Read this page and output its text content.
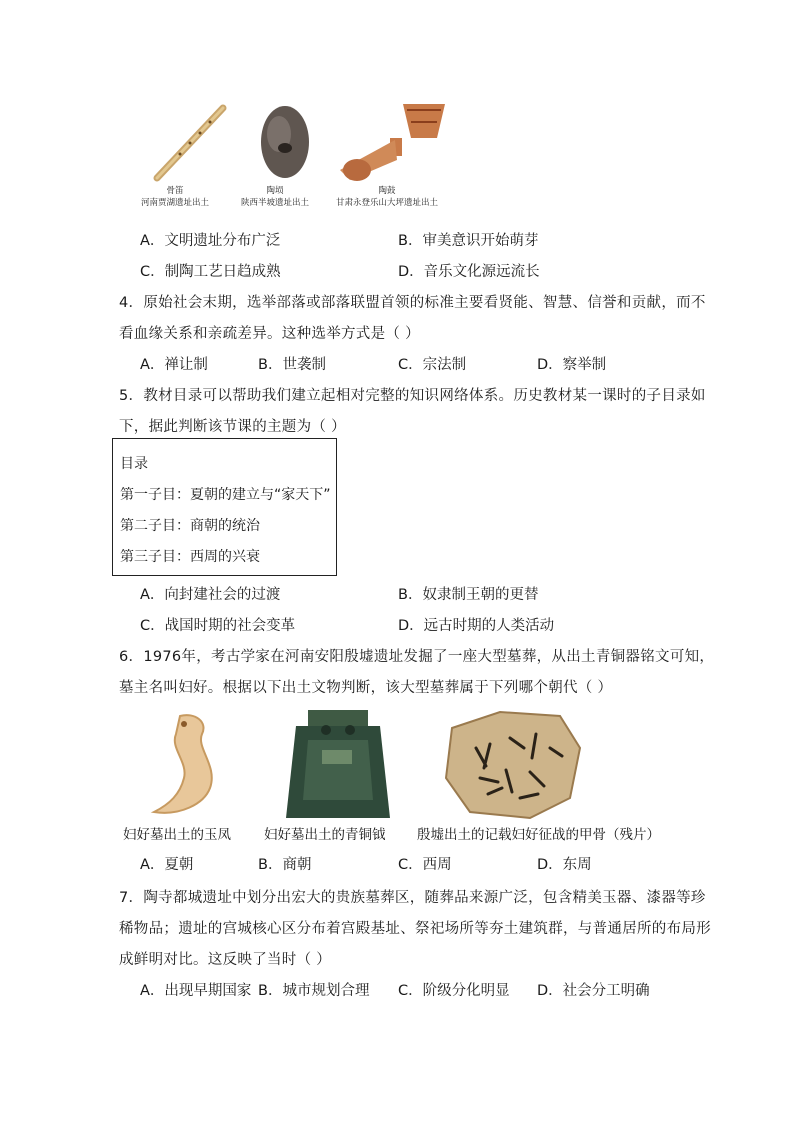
骨笛
河南贾湖遗址出土
陶埙
陕西半坡遗址出土
陶鼓
甘肃永登乐山大坪遗址出土
A．文明遗址分布广泛	B．审美意识开始萌芽
C．制陶工艺日趋成熟	D．音乐文化源远流长
4．原始社会末期，选举部落或部落联盟首领的标准主要看贤能、智慧、信誉和贡献，而不
看血缘关系和亲疏差异。这种选举方式是（ ）
A．禅让制	B．世袭制	C．宗法制	D．察举制
5．教材目录可以帮助我们建立起相对完整的知识网络体系。历史教材某一课时的子目录如
下，据此判断该节课的主题为（ ）
目录
第一子目：夏朝的建立与“家天下”
第二子目：商朝的统治
第三子目：西周的兴衰
A．向封建社会的过渡	B．奴隶制王朝的更替
C．战国时期的社会变革	D．远古时期的人类活动
6．1976年，考古学家在河南安阳殷墟遗址发掘了一座大型墓葬，从出土青铜器铭文可知，
墓主名叫妇好。根据以下出土文物判断，该大型墓葬属于下列哪个朝代（ ）
妇好墓出土的玉凤 妇好墓出土的青铜钺 殷墟出土的记载妇好征战的甲骨（残片）
A．夏朝	B．商朝	C．西周	D．东周
7．陶寺都城遗址中划分出宏大的贵族墓葬区，随葬品来源广泛，包含精美玉器、漆器等珍
稀物品；遗址的宫城核心区分布着宫殿基址、祭祀场所等夯土建筑群，与普通居所的布局形
成鲜明对比。这反映了当时（ ）
A．出现早期国家 B．城市规划合理 C．阶级分化明显 D．社会分工明确
